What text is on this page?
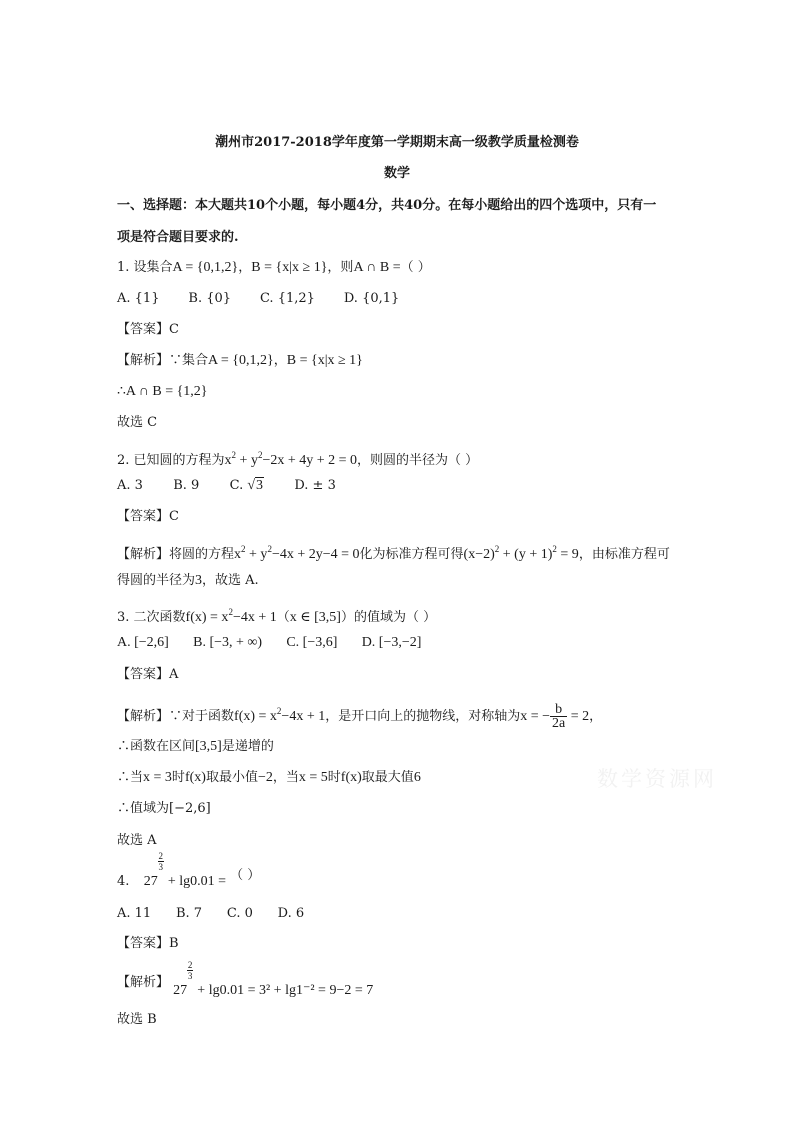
潮州市2017-2018学年度第一学期期末高一级教学质量检测卷
数学
一、选择题：本大题共10个小题，每小题4分，共40分。在每小题给出的四个选项中，只有一
项是符合题目要求的.
1. 设集合A = {0,1,2}，B = {x|x ≥ 1}，则A ∩ B =（ ）
A. {1}       B. {0}       C. {1,2}       D. {0,1}
【答案】C
【解析】∵集合A = {0,1,2}，B = {x|x ≥ 1}
∴A ∩ B = {1,2}
故选 C
2. 已知圆的方程为$x^2 + y^2-2x + 4y + 2 = 0$，则圆的半径为（ ）
A. 3 B. 9 C. √3 D. ± 3
【答案】C
【解析】将圆的方程$x^2 + y^2-4x + 2y-4 = 0$化为标准方程可得$(x-2)^2 + (y + 1)^2 = 9$，由标准方程可
得圆的半径为3，故选 A.
3. 二次函数$f(x) = x^2-4x + 1(x$ ∈ [3,5]）的值域为（ ）
A. [−2,6] B. [−3, + ∞) C. [−3,6] D. [−3,−2]
【答案】A
【解析】∵对于函数$f(x) = x^2-4x + 1$，是开口向上的抛物线，对称轴为x = − $\frac{b}{2a} = 2$，
∴函数在区间[3,5]是递增的
∴当x = 3时f(x)取最小值−2，当x = 5时f(x)取最大值6
∴值域为[−2,6]
故选 A
4. 27
2
3
+ lg0.01 = （ ）
A. 11      B. 7      C. 0      D. 6
【答案】B
【解析】 27
2
3
+ lg0.01 = 3² + lg1⁻² = 9−2 = 7
故选 B
数学资源网
